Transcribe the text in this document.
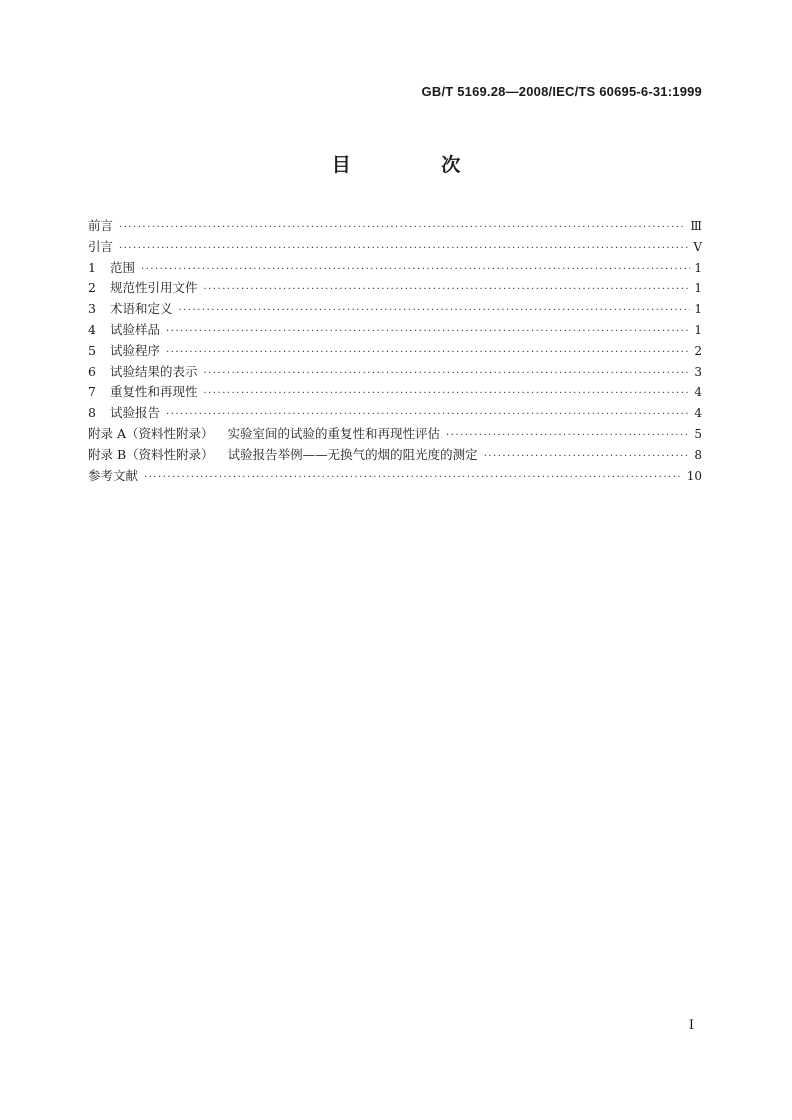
GB/T 5169.28—2008/IEC/TS 60695-6-31:1999
目 次
前言 ·····	Ⅲ
引言 ·····	Ⅴ
1	范围 ·····	1
2	规范性引用文件 ·····	1
3	术语和定义 ·····	1
4	试验样品 ·····	1
5	试验程序 ·····	2
6	试验结果的表示 ·····	3
7	重复性和再现性 ·····	4
8	试验报告 ·····	4
附录 A（资料性附录） 实验室间的试验的重复性和再现性评估 ·····	5
附录 B（资料性附录） 试验报告举例——无换气的烟的阻光度的测定 ·····	8
参考文献 ·····	10
I
